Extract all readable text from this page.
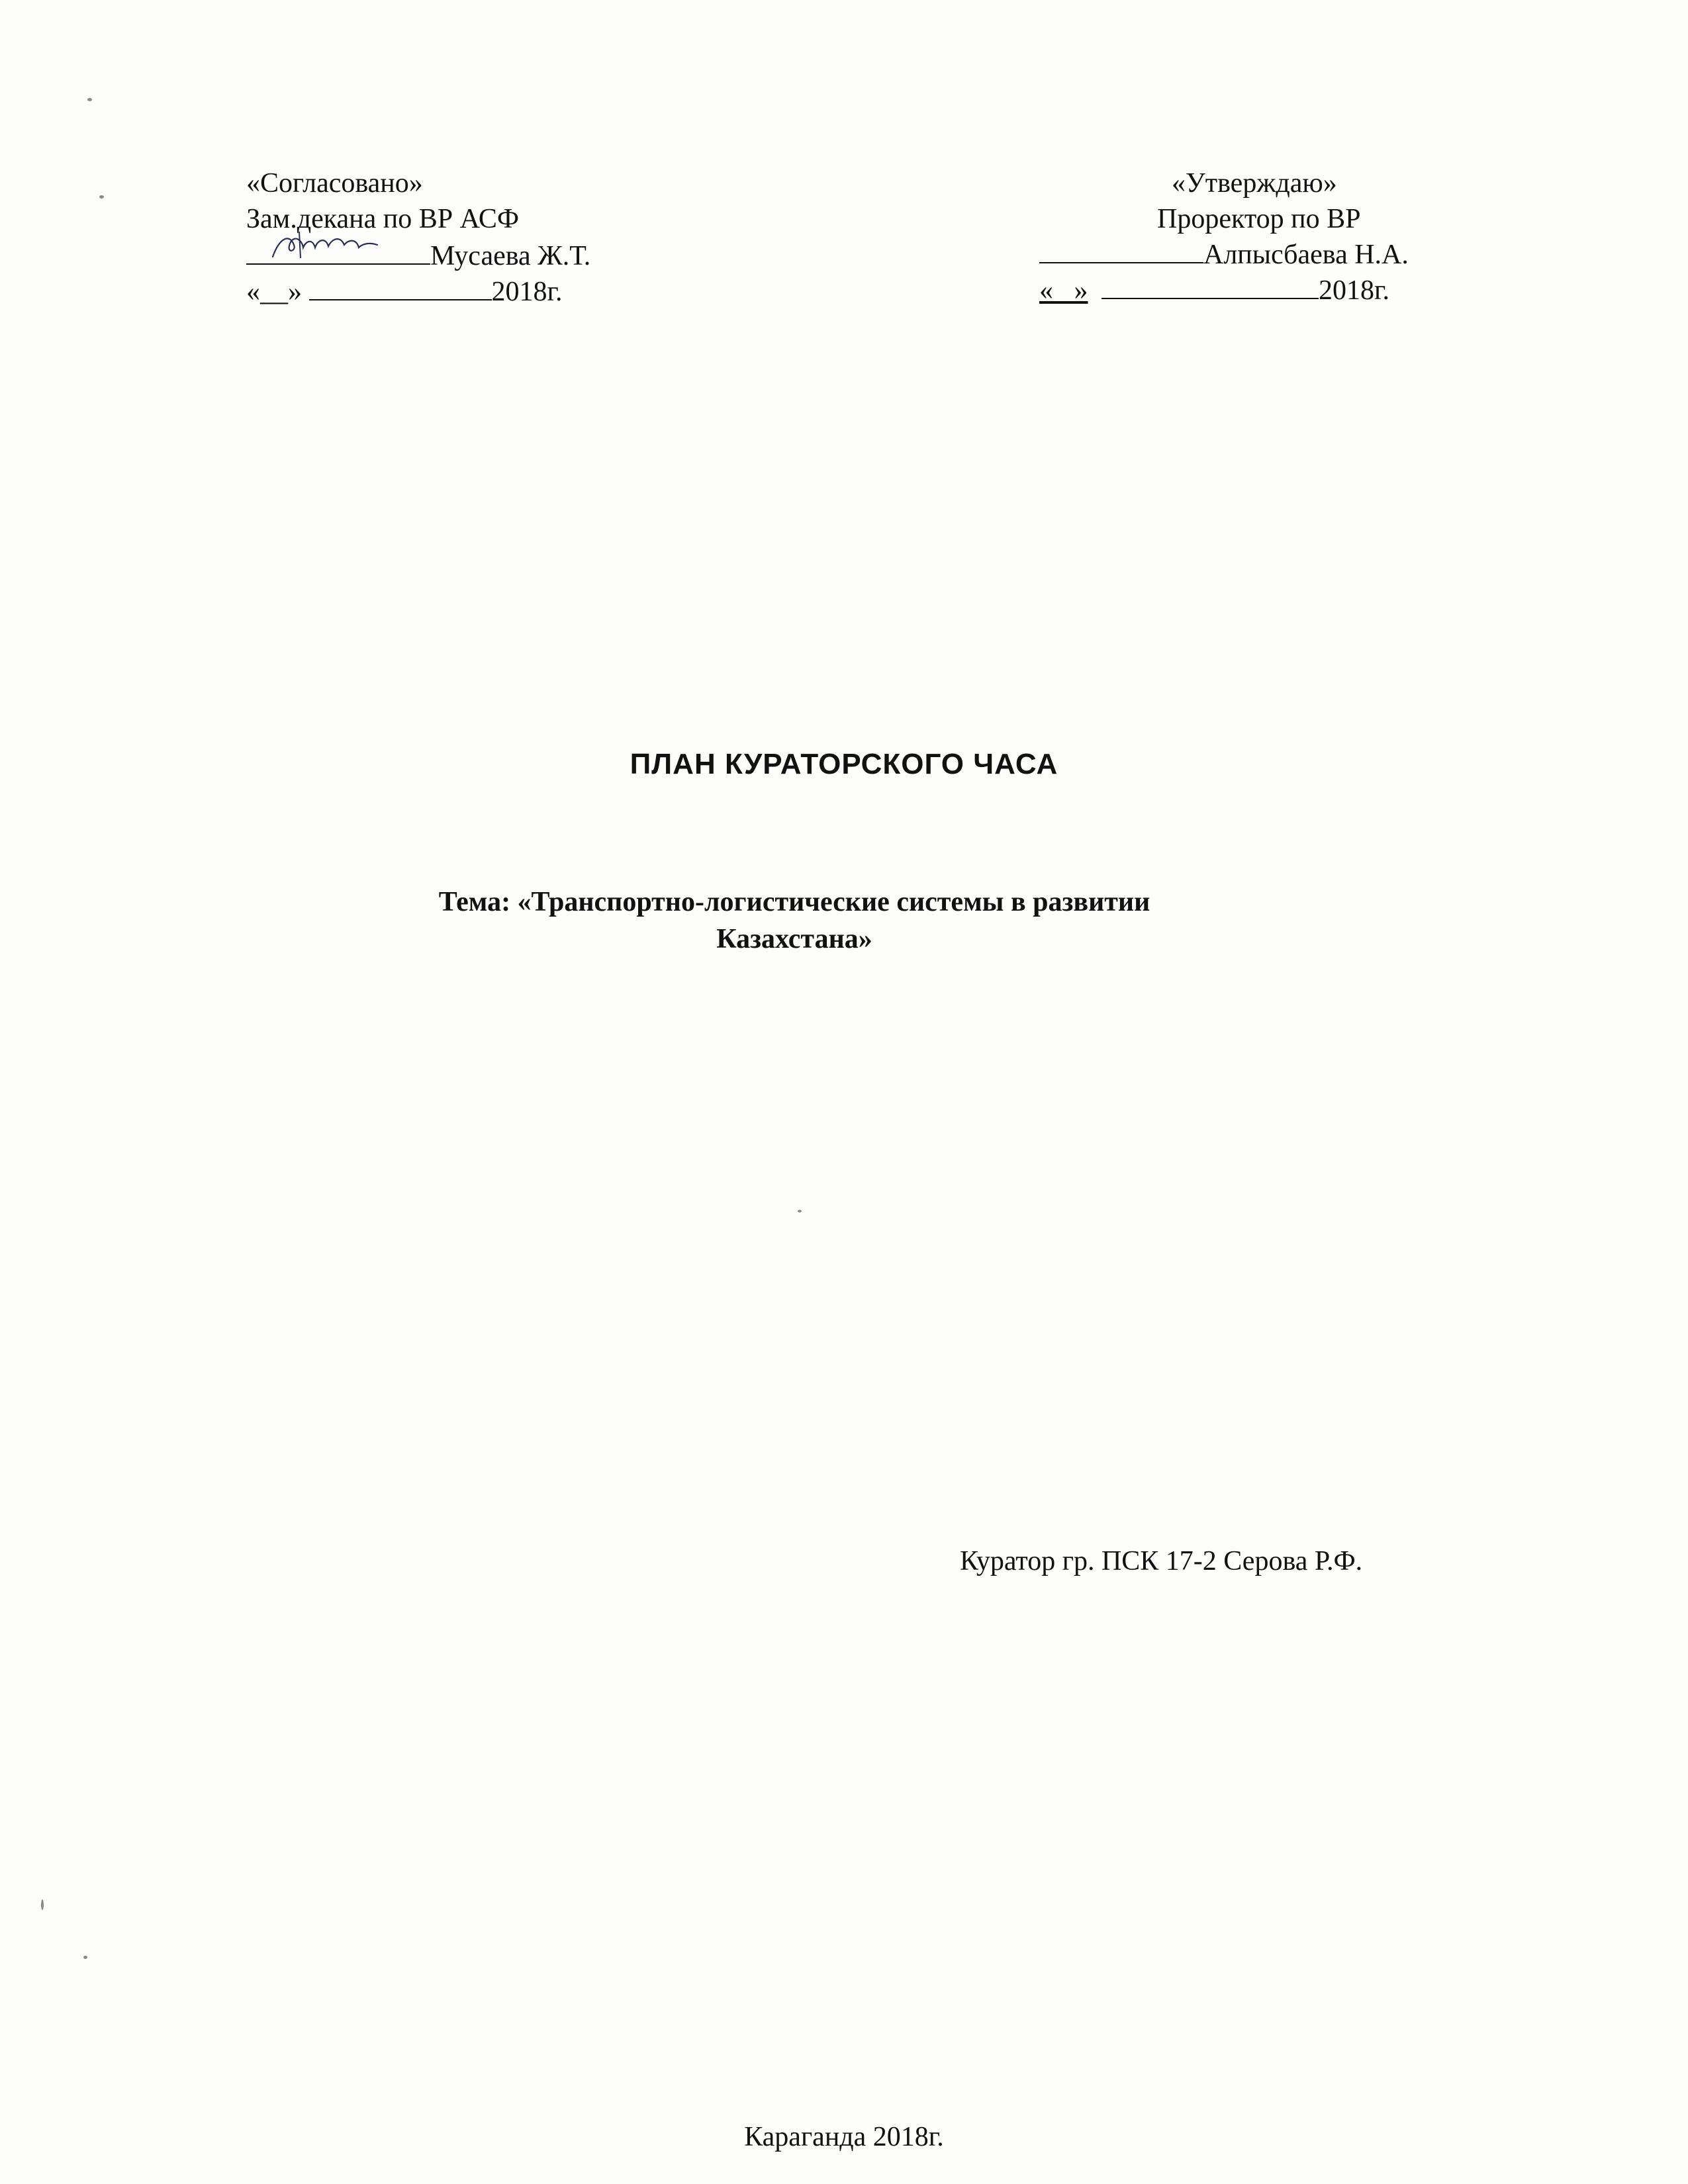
«Согласовано»
Зам.декана по ВР АСФ
Мусаева Ж.Т.
«__»	2018г.
«Утверждаю»
Проректор по ВР
Алпысбаева Н.А.
«   »	2018г.
ПЛАН КУРАТОРСКОГО ЧАСА
Тема: «Транспортно-логистические системы в развитии
Казахстана»
Куратор гр. ПСК 17-2 Серова Р.Ф.
Караганда 2018г.
